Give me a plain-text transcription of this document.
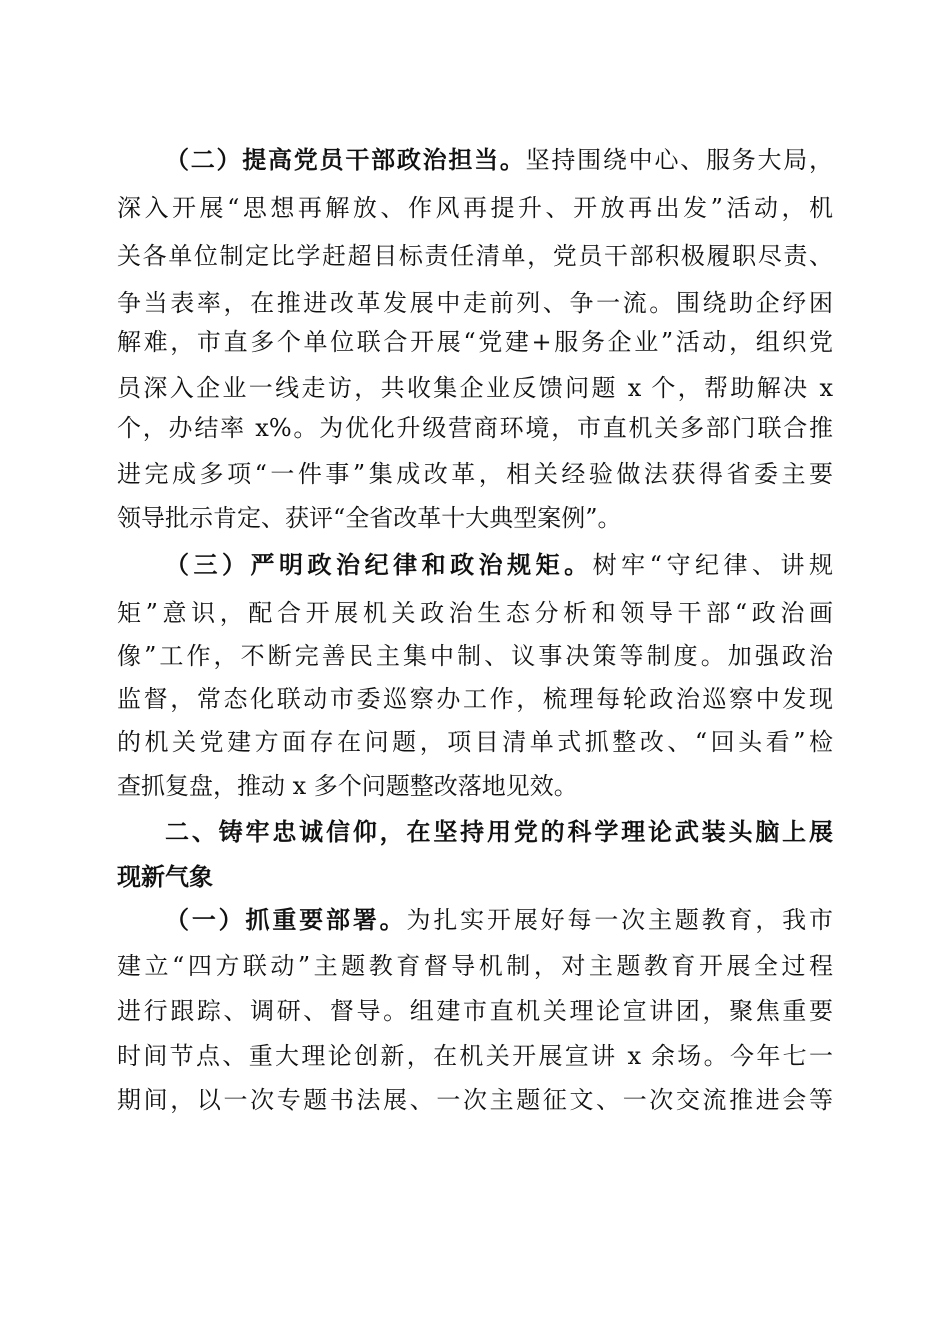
（二）提高党员干部政治担当。坚持围绕中心、服务大局，
深入开展“思想再解放、作风再提升、开放再出发”活动，机
关各单位制定比学赶超目标责任清单，党员干部积极履职尽责、
争当表率，在推进改革发展中走前列、争一流。围绕助企纾困
解难，市直多个单位联合开展“党建+服务企业”活动，组织党
员深入企业一线走访，共收集企业反馈问题 x 个，帮助解决 x
个，办结率 x%。为优化升级营商环境，市直机关多部门联合推
进完成多项“一件事”集成改革，相关经验做法获得省委主要
领导批示肯定、获评“全省改革十大典型案例”。
（三）严明政治纪律和政治规矩。树牢“守纪律、讲规
矩”意识，配合开展机关政治生态分析和领导干部“政治画
像”工作，不断完善民主集中制、议事决策等制度。加强政治
监督，常态化联动市委巡察办工作，梳理每轮政治巡察中发现
的机关党建方面存在问题，项目清单式抓整改、“回头看”检
查抓复盘，推动 x 多个问题整改落地见效。
二、铸牢忠诚信仰，在坚持用党的科学理论武装头脑上展
现新气象
（一）抓重要部署。为扎实开展好每一次主题教育，我市
建立“四方联动”主题教育督导机制，对主题教育开展全过程
进行跟踪、调研、督导。组建市直机关理论宣讲团，聚焦重要
时间节点、重大理论创新，在机关开展宣讲 x 余场。今年七一
期间，以一次专题书法展、一次主题征文、一次交流推进会等
